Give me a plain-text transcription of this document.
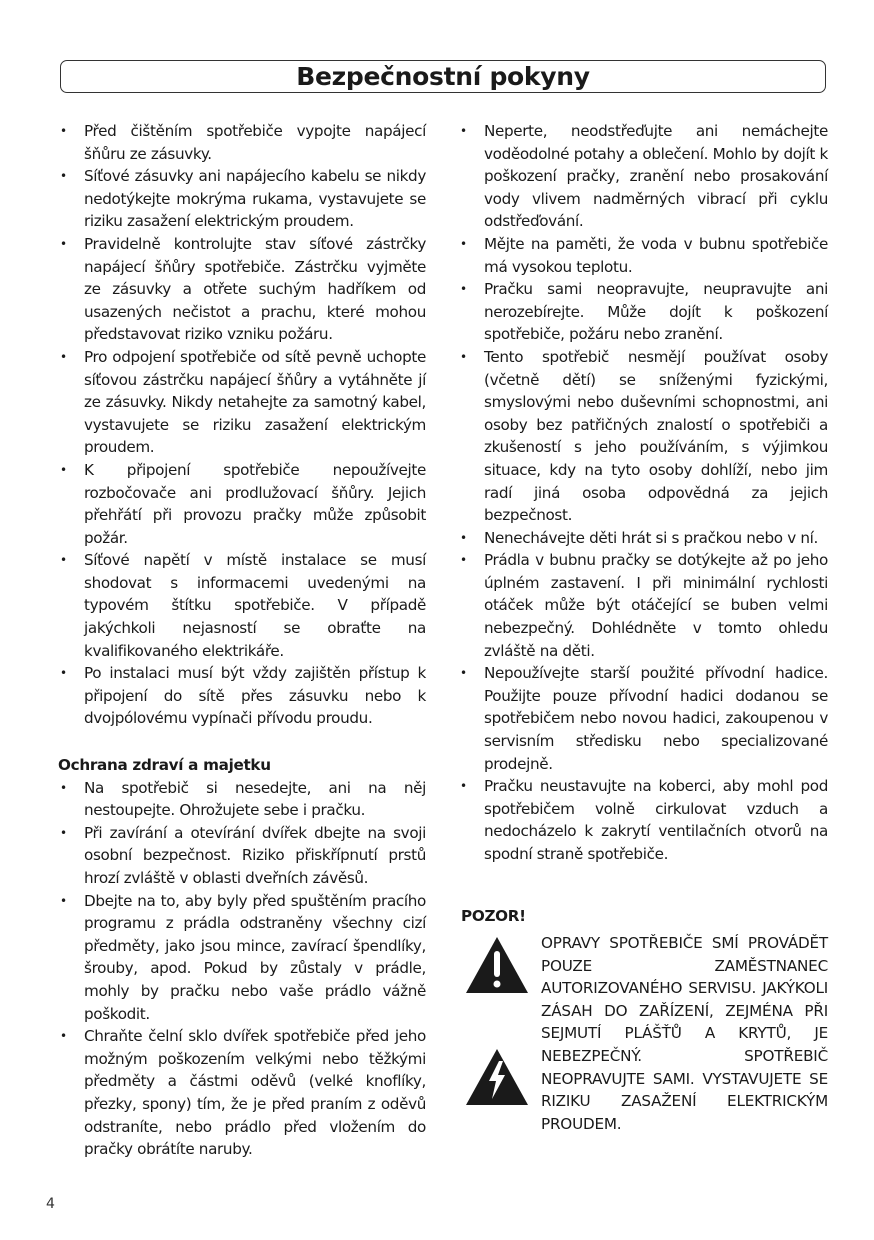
Bezpečnostní pokyny
• Před čištěním spotřebiče vypojte napájecí šňůru ze zásuvky.
• Síťové zásuvky ani napájecího kabelu se nikdy nedotýkejte mokrýma rukama, vystavujete se riziku zasažení elektrickým proudem.
• Pravidelně kontrolujte stav síťové zástrčky napájecí šňůry spotřebiče. Zástrčku vyjměte ze zásuvky a otřete suchým hadříkem od usazených nečistot a prachu, které mohou představovat riziko vzniku požáru.
• Pro odpojení spotřebiče od sítě pevně uchopte síťovou zástrčku napájecí šňůry a vytáhněte jí ze zásuvky. Nikdy netahejte za samotný kabel, vystavujete se riziku zasažení elektrickým proudem.
• K připojení spotřebiče nepoužívejte rozbočovače ani prodlužovací šňůry. Jejich přehřátí při provozu pračky může způsobit požár.
• Síťové napětí v místě instalace se musí shodovat s informacemi uvedenými na typovém štítku spotřebiče. V případě jakýchkoli nejasností se obraťte na kvalifikovaného elektrikáře.
• Po instalaci musí být vždy zajištěn přístup k připojení do sítě přes zásuvku nebo k dvojpólovému vypínači přívodu proudu.

Ochrana zdraví a majetku

• Na spotřebič si nesedejte, ani na něj nestoupejte. Ohrožujete sebe i pračku.
• Při zavírání a otevírání dvířek dbejte na svoji osobní bezpečnost. Riziko přiskřípnutí prstů hrozí zvláště v oblasti dveřních závěsů.
• Dbejte na to, aby byly před spuštěním pracího programu z prádla odstraněny všechny cizí předměty, jako jsou mince, zavírací špendlíky, šrouby, apod. Pokud by zůstaly v prádle, mohly by pračku nebo vaše prádlo vážně poškodit.
• Chraňte čelní sklo dvířek spotřebiče před jeho možným poškozením velkými nebo těžkými předměty a částmi oděvů (velké knoflíky, přezky, spony) tím, že je před praním z oděvů odstraníte, nebo prádlo před vložením do pračky obrátíte naruby.
• Neperte, neodstřeďujte ani nemáchejte voděodolné potahy a oblečení. Mohlo by dojít k poškození pračky, zranění nebo prosakování vody vlivem nadměrných vibrací při cyklu odstřeďování.
• Mějte na paměti, že voda v bubnu spotřebiče má vysokou teplotu.
• Pračku sami neopravujte, neupravujte ani nerozebírejte. Může dojít k poškození spotřebiče, požáru nebo zranění.
• Tento spotřebič nesmějí používat osoby (včetně dětí) se sníženými fyzickými, smyslovými nebo duševními schopnostmi, ani osoby bez patřičných znalostí o spotřebiči a zkušeností s jeho používáním, s výjimkou situace, kdy na tyto osoby dohlíží, nebo jim radí jiná osoba odpovědná za jejich bezpečnost.
• Nenechávejte děti hrát si s pračkou nebo v ní.
• Prádla v bubnu pračky se dotýkejte až po jeho úplném zastavení. I při minimální rychlosti otáček může být otáčející se buben velmi nebezpečný. Dohlédněte v tomto ohledu zvláště na děti.
• Nepoužívejte starší použité přívodní hadice. Použijte pouze přívodní hadici dodanou se spotřebičem nebo novou hadici, zakoupenou v servisním středisku nebo specializované prodejně.
• Pračku neustavujte na koberci, aby mohl pod spotřebičem volně cirkulovat vzduch a nedocházelo k zakrytí ventilačních otvorů na spodní straně spotřebiče.
POZOR!
OPRAVY SPOTŘEBIČE SMÍ PROVÁDĚT POUZE ZAMĚSTNANEC AUTORIZOVANÉHO SERVISU. JAKÝKOLI ZÁSAH DO ZAŘÍZENÍ, ZEJMÉNA PŘI SEJMUTÍ PLÁŠŤŮ A KRYTŮ, JE NEBEZPEČNÝ. SPOTŘEBIČ NEOPRAVUJTE SAMI. VYSTAVUJETE SE RIZIKU ZASAŽENÍ ELEKTRICKÝM PROUDEM.
4
